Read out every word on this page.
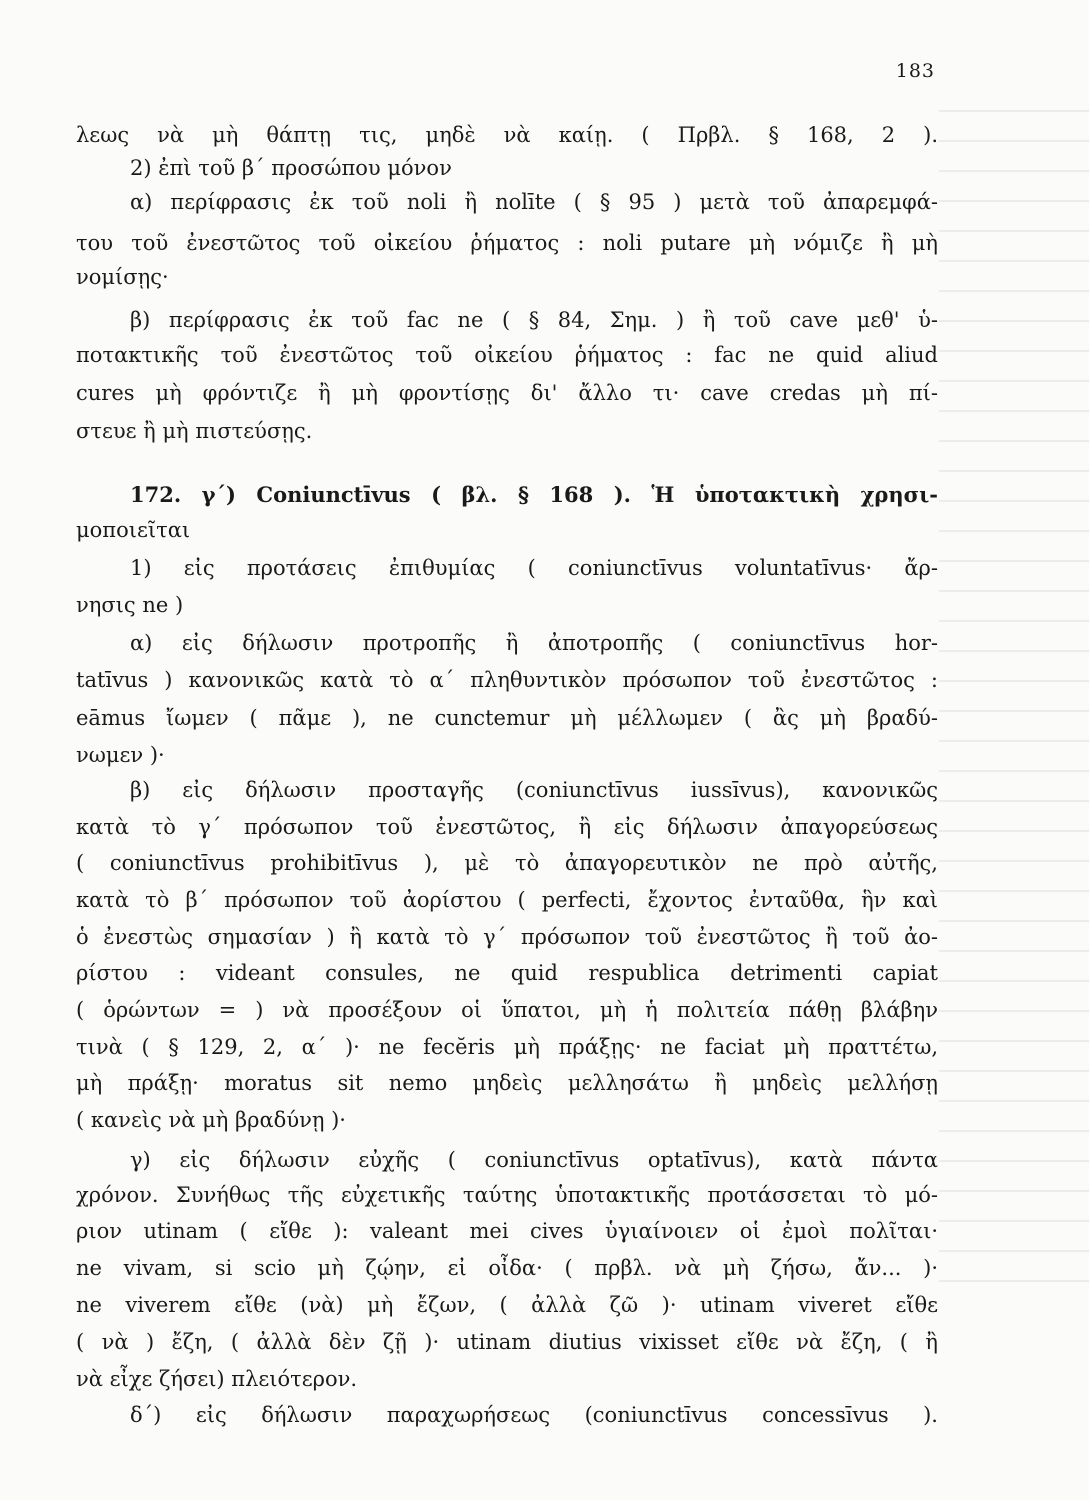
183
λεως νὰ μὴ θάπτῃ τις, μηδὲ νὰ καίῃ. ( Πρβλ. § 168, 2 ).
2) ἐπὶ τοῦ β΄ προσώπου μόνον
α) περίφρασις ἐκ τοῦ noli ἢ nolīte ( § 95 ) μετὰ τοῦ ἀπαρεμφά-
του τοῦ ἐνεστῶτος τοῦ οἰκείου ῥήματος : noli putare μὴ νόμιζε ἢ μὴ
νομίσῃς·
β) περίφρασις ἐκ τοῦ fac ne ( § 84, Σημ. ) ἢ τοῦ cave μεθ' ὑ-
ποτακτικῆς τοῦ ἐνεστῶτος τοῦ οἰκείου ῥήματος : fac ne quid aliud
cures μὴ φρόντιζε ἢ μὴ φροντίσῃς δι' ἄλλο τι· cave credas μὴ πί-
στευε ἢ μὴ πιστεύσῃς.
172. γ΄) Coniunctīvus ( βλ. § 168 ). Ἡ ὑποτακτικὴ χρησι-
μοποιεῖται
1) εἰς προτάσεις ἐπιθυμίας ( coniunctīvus voluntatīvus· ἄρ-
νησις ne )
α) εἰς δήλωσιν προτροπῆς ἢ ἀποτροπῆς ( coniunctīvus hor-
tatīvus ) κανονικῶς κατὰ τὸ α΄ πληθυντικὸν πρόσωπον τοῦ ἐνεστῶτος :
eāmus ἴωμεν ( πᾶμε ), ne cunctemur μὴ μέλλωμεν ( ἂς μὴ βραδύ-
νωμεν )·
β) εἰς δήλωσιν προσταγῆς (coniunctīvus iussīvus), κανονικῶς
κατὰ τὸ γ΄ πρόσωπον τοῦ ἐνεστῶτος, ἢ εἰς δήλωσιν ἀπαγορεύσεως
( coniunctīvus prohibitīvus ), μὲ τὸ ἀπαγορευτικὸν ne πρὸ αὐτῆς,
κατὰ τὸ β΄ πρόσωπον τοῦ ἀορίστου ( perfecti, ἔχοντος ἐνταῦθα, ἣν καὶ
ὁ ἐνεστὼς σημασίαν ) ἢ κατὰ τὸ γ΄ πρόσωπον τοῦ ἐνεστῶτος ἢ τοῦ ἀο-
ρίστου : videant consules, ne quid respublica detrimenti capiat
( ὁρώντων = ) νὰ προσέξουν οἱ ὕπατοι, μὴ ἡ πολιτεία πάθῃ βλάβην
τινὰ ( § 129, 2, α΄ )· ne fecĕris μὴ πράξῃς· ne faciat μὴ πραττέτω,
μὴ πράξῃ· moratus sit nemo μηδεὶς μελλησάτω ἢ μηδεὶς μελλήσῃ
( κανεὶς νὰ μὴ βραδύνῃ )·
γ) εἰς δήλωσιν εὐχῆς ( coniunctīvus optatīvus), κατὰ πάντα
χρόνον. Συνήθως τῆς εὐχετικῆς ταύτης ὑποτακτικῆς προτάσσεται τὸ μό-
ριον utinam ( εἴθε ): valeant mei cives ὑγιαίνοιεν οἱ ἐμοὶ πολῖται·
ne vivam, si scio μὴ ζῴην, εἰ οἶδα· ( πρβλ. νὰ μὴ ζήσω, ἄν... )·
ne viverem εἴθε (νὰ) μὴ ἔζων, ( ἀλλὰ ζῶ )· utinam viveret εἴθε
( νὰ ) ἔζη, ( ἀλλὰ δὲν ζῇ )· utinam diutius vixisset εἴθε νὰ ἔζη, ( ἢ
νὰ εἶχε ζήσει) πλειότερον.
δ΄) εἰς δήλωσιν παραχωρήσεως (coniunctīvus concessīvus ).
